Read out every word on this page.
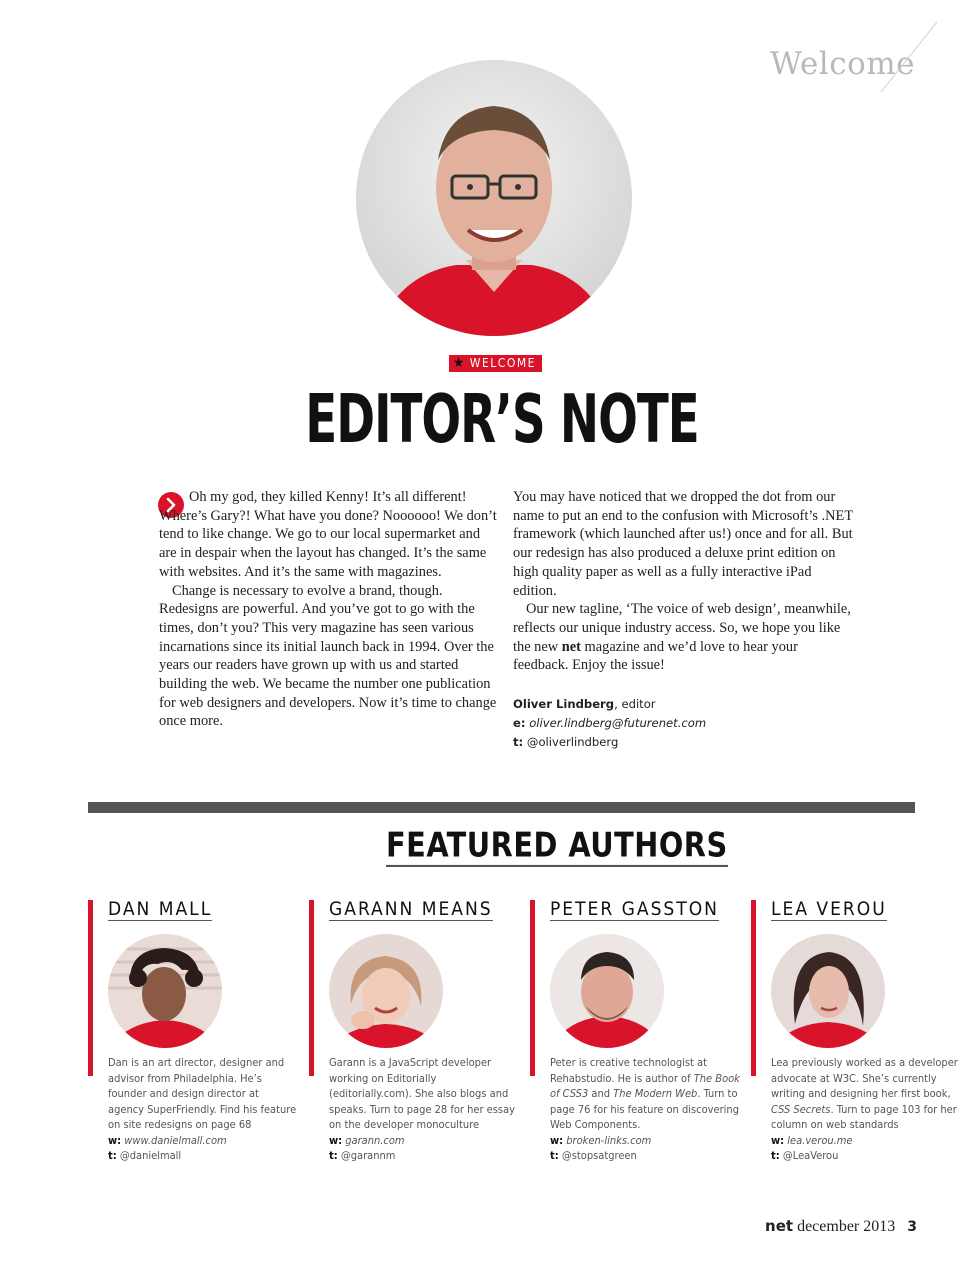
Welcome
★ WELCOME
EDITOR’S NOTE

Oh my god, they killed Kenny! It’s all different! Where’s Gary?! What have you done? Noooooo! We don’t tend to like change. We go to our local supermarket and are in despair when the layout has changed. It’s the same with websites. And it’s the same with magazines.

Change is necessary to evolve a brand, though. Redesigns are powerful. And you’ve got to go with the times, don’t you? This very magazine has seen various incarnations since its initial launch back in 1994. Over the years our readers have grown up with us and started building the web. We became the number one publication for web designers and developers. Now it’s time to change once more.

You may have noticed that we dropped the dot from our name to put an end to the confusion with Microsoft’s .NET framework (which launched after us!) once and for all. But our redesign has also produced a deluxe print edition on high quality paper as well as a fully interactive iPad edition.

Our new tagline, ‘The voice of web design’, meanwhile, reflects our unique industry access. So, we hope you like the new net magazine and we’d love to hear your feedback. Enjoy the issue!

Oliver Lindberg, editor
e: oliver.lindberg@futurenet.com
t: @oliverlindberg
FEATURED AUTHORS
DAN MALL
Dan is an art director, designer and advisor from Philadelphia. He’s founder and design director at agency SuperFriendly. Find his feature on site redesigns on page 68
w: www.danielmall.com
t: @danielmall
GARANN MEANS
Garann is a JavaScript developer working on Editorially (editorially.com). She also blogs and speaks. Turn to page 28 for her essay on the developer monoculture
w: garann.com
t: @garannm
PETER GASSTON
Peter is creative technologist at Rehabstudio. He is author of The Book of CSS3 and The Modern Web. Turn to page 76 for his feature on discovering Web Components.
w: broken-links.com
t: @stopsatgreen
LEA VEROU
Lea previously worked as a developer advocate at W3C. She’s currently writing and designing her first book, CSS Secrets. Turn to page 103 for her column on web standards
w: lea.verou.me
t: @LeaVerou
net december 2013 3
